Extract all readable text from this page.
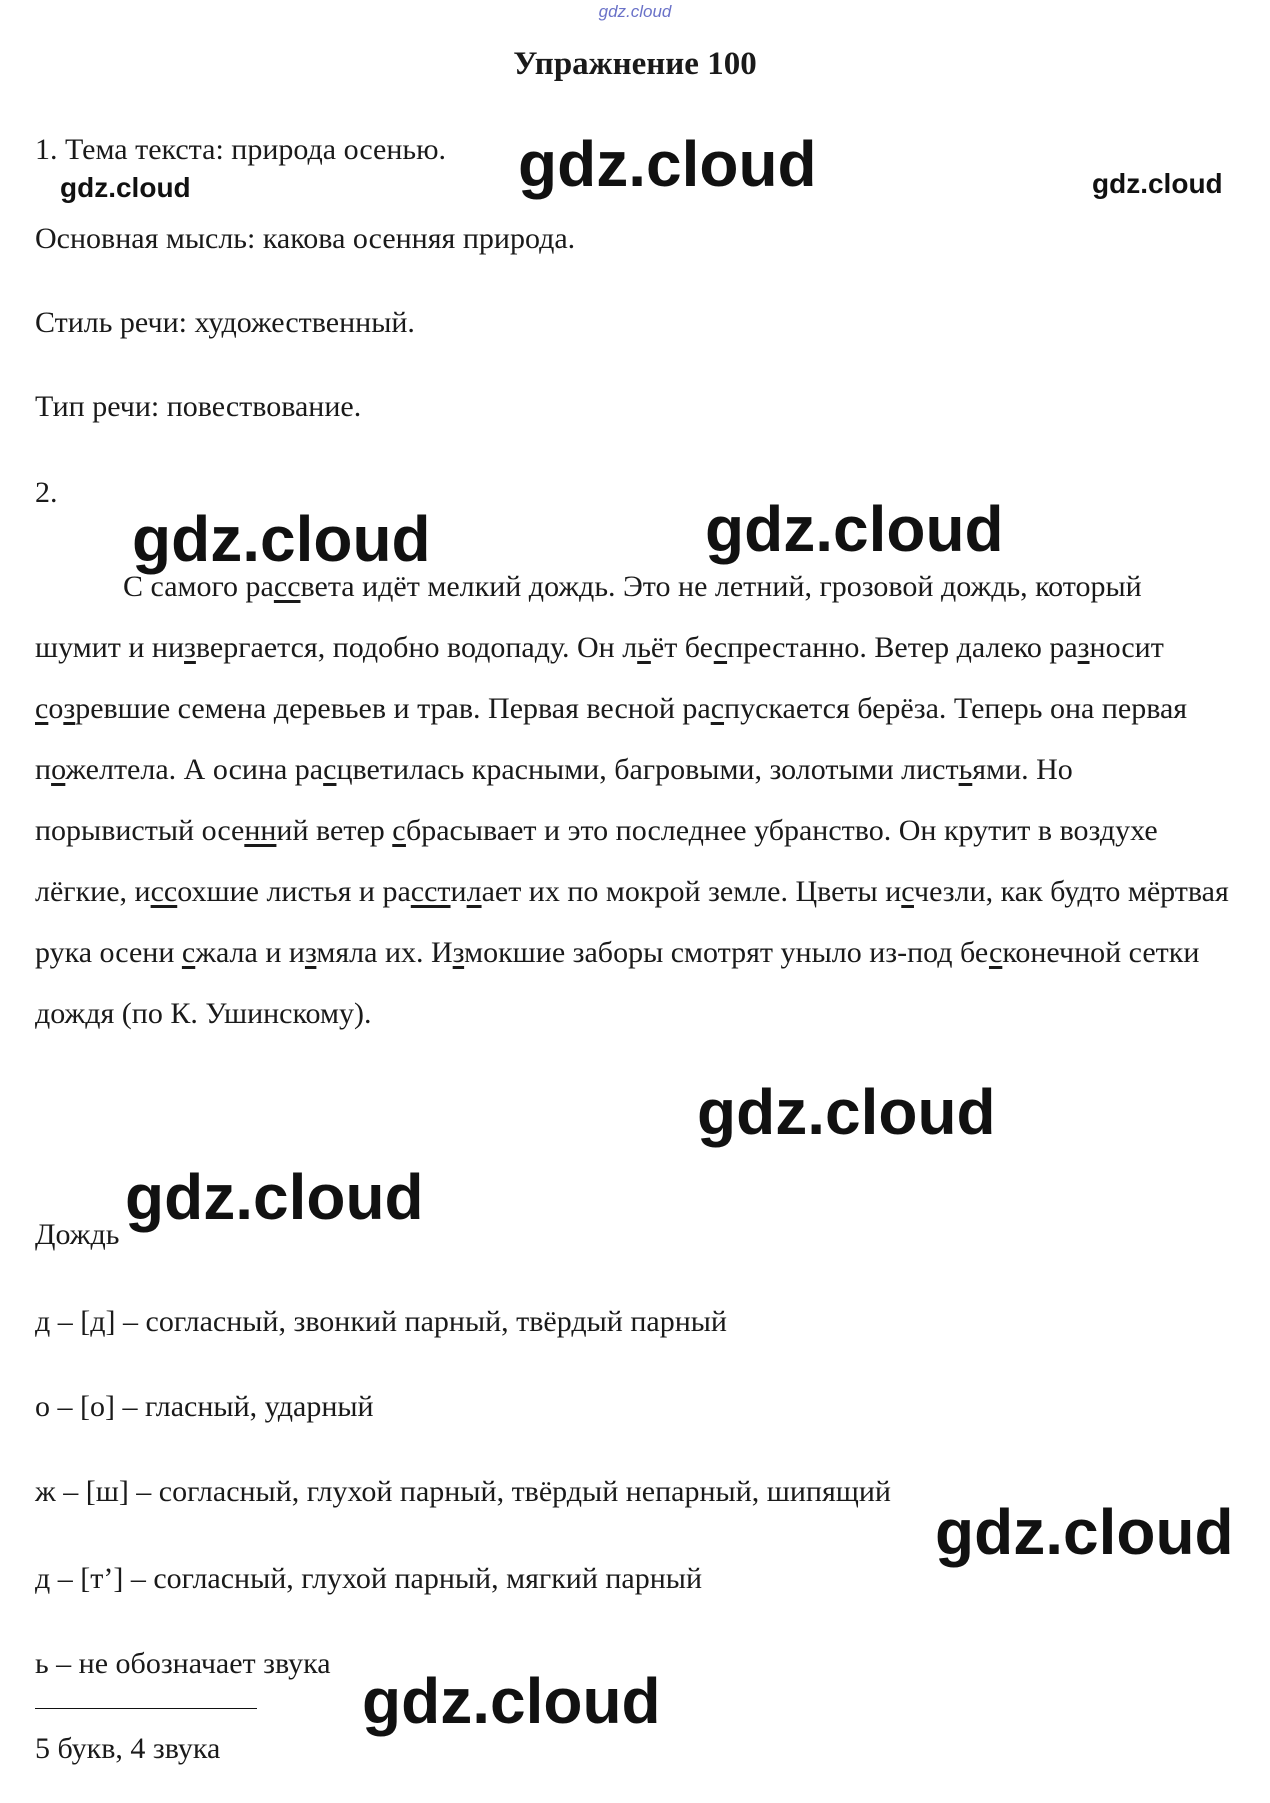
gdz.cloud
Упражнение 100
1. Тема текста: природа осенью.
Основная мысль: какова осенняя природа.
Стиль речи: художественный.
Тип речи: повествование.
2.
С самого рассвета идёт мелкий дождь. Это не летний, грозовой дождь, который шумит и низвергается, подобно водопаду. Он льёт беспрестанно. Ветер далеко разносит созревшие семена деревьев и трав. Первая весной распускается берёза. Теперь она первая пожелтела. А осина расцветилась красными, багровыми, золотыми листьями. Но порывистый осенний ветер сбрасывает и это последнее убранство. Он крутит в воздухе лёгкие, иссохшие листья и расстилает их по мокрой земле. Цветы исчезли, как будто мёртвая рука осени сжала и измяла их. Измокшие заборы смотрят уныло из-под бесконечной сетки дождя (по К. Ушинскому).
Дождь
д – [д] – согласный, звонкий парный, твёрдый парный
о – [о] – гласный, ударный
ж – [ш] – согласный, глухой парный, твёрдый непарный, шипящий
д – [т’] – согласный, глухой парный, мягкий парный
ь – не обозначает звука
5 букв, 4 звука
gdz.cloud
gdz.cloud	gdz.cloud
gdz.cloud	gdz.cloud
gdz.cloud
gdz.cloud
gdz.cloud
gdz.cloud
